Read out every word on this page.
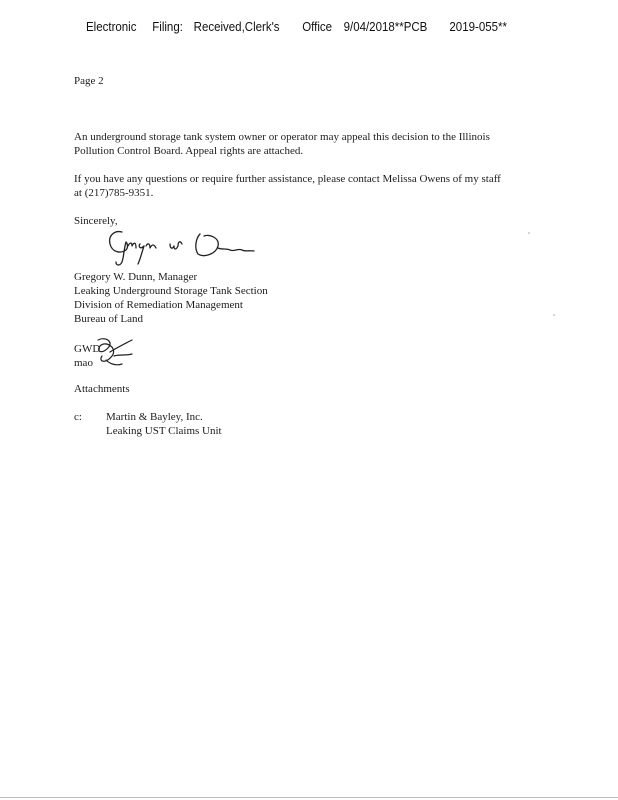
Electronic Filing: Received,Clerk's Office 9/04/2018**PCB 2019-055**
Page 2
An underground storage tank system owner or operator may appeal this decision to the Illinois
Pollution Control Board. Appeal rights are attached.
If you have any questions or require further assistance, please contact Melissa Owens of my staff
at (217)785-9351.
Sincerely,
Gregory W. Dunn, Manager
Leaking Underground Storage Tank Section
Division of Remediation Management
Bureau of Land
GWD
mao
Attachments
c: Martin & Bayley, Inc.
Leaking UST Claims Unit
